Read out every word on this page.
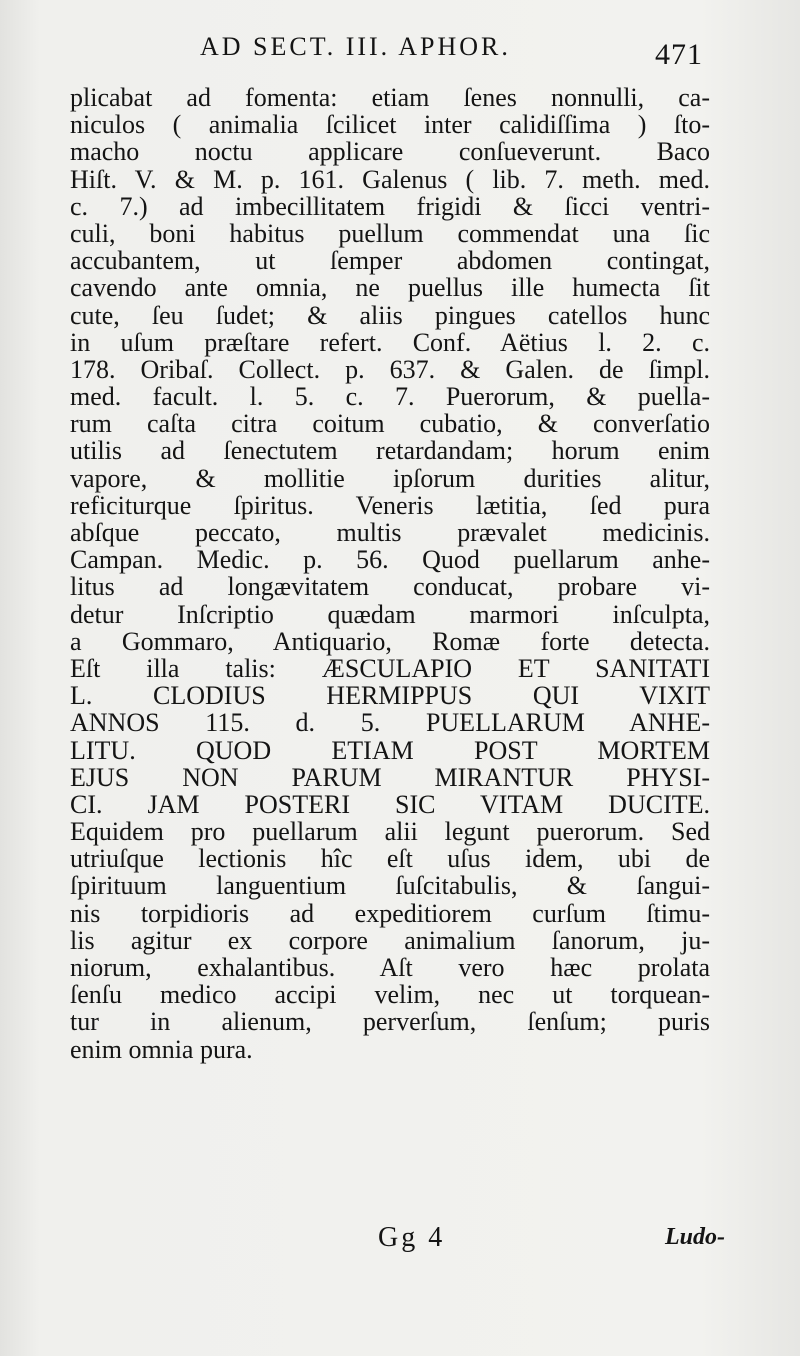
AD SECT. III. APHOR.	471
plicabat ad fomenta: etiam ſenes nonnulli, ca-
niculos ( animalia ſcilicet inter calidiſſima ) ſto-
macho noctu applicare conſueverunt. Baco
Hiſt. V. & M. p. 161. Galenus ( lib. 7. meth. med.
c. 7.) ad imbecillitatem frigidi & ſicci ventri-
culi, boni habitus puellum commendat una ſic
accubantem, ut ſemper abdomen contingat,
cavendo ante omnia, ne puellus ille humecta ſit
cute, ſeu ſudet; & aliis pingues catellos hunc
in uſum præſtare refert. Conf. Aëtius l. 2. c.
178. Oribaſ. Collect. p. 637. & Galen. de ſimpl.
med. facult. l. 5. c. 7. Puerorum, & puella-
rum caſta citra coitum cubatio, & converſatio
utilis ad ſenectutem retardandam; horum enim
vapore, & mollitie ipſorum durities alitur,
reficiturque ſpiritus. Veneris lætitia, ſed pura
abſque peccato, multis prævalet medicinis.
Campan. Medic. p. 56. Quod puellarum anhe-
litus ad longævitatem conducat, probare vi-
detur Inſcriptio quædam marmori inſculpta,
a Gommaro, Antiquario, Romæ forte detecta.
Eſt illa talis: ÆSCULAPIO ET SANITATI
L. CLODIUS HERMIPPUS QUI VIXIT
ANNOS 115. d. 5. PUELLARUM ANHE-
LITU. QUOD ETIAM POST MORTEM
EJUS NON PARUM MIRANTUR PHYSI-
CI. JAM POSTERI SIC VITAM DUCITE.
Equidem pro puellarum alii legunt puerorum. Sed
utriuſque lectionis hîc eſt uſus idem, ubi de
ſpirituum languentium ſuſcitabulis, & ſangui-
nis torpidioris ad expeditiorem curſum ſtimu-
lis agitur ex corpore animalium ſanorum, ju-
niorum, exhalantibus. Aſt vero hæc prolata
ſenſu medico accipi velim, nec ut torquean-
tur in alienum, perverſum, ſenſum; puris
enim omnia pura.
Gg 4	Ludo-
